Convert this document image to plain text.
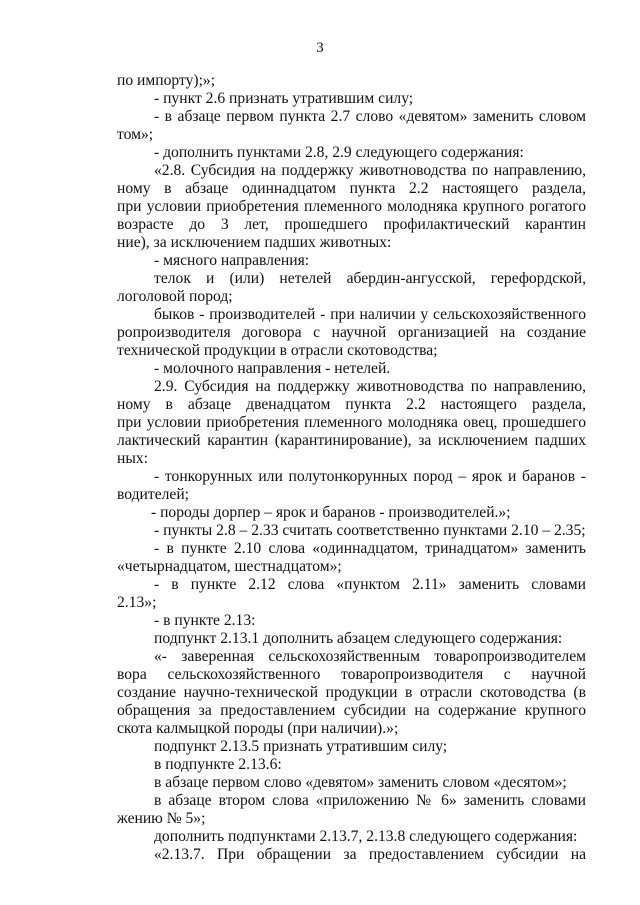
3
по импорту);»;
- пункт 2.6 признать утратившим силу;
- в абзаце первом пункта 2.7 слово «девятом» заменить словом
том»;
- дополнить пунктами 2.8, 2.9 следующего содержания:
«2.8. Субсидия на поддержку животноводства по направлению,
ному в абзаце одиннадцатом пункта 2.2 настоящего раздела,
при условии приобретения племенного молодняка крупного рогатого
возрасте до 3 лет, прошедшего профилактический карантин
ние), за исключением падших животных:
- мясного направления:
телок и (или) нетелей абердин-ангусской, герефордской,
логоловой пород;
быков - производителей - при наличии у сельскохозяйственного
ропроизводителя договора с научной организацией на создание
технической продукции в отрасли скотоводства;
- молочного направления - нетелей.
2.9. Субсидия на поддержку животноводства по направлению,
ному в абзаце двенадцатом пункта 2.2 настоящего раздела,
при условии приобретения племенного молодняка овец, прошедшего
лактический карантин (карантинирование), за исключением падших
ных:
- тонкорунных или полутонкорунных пород – ярок и баранов -
водителей;
- породы дорпер – ярок и баранов - производителей.»;
- пункты 2.8 – 2.33 считать соответственно пунктами 2.10 – 2.35;
- в пункте 2.10 слова «одиннадцатом, тринадцатом» заменить
«четырнадцатом, шестнадцатом»;
- в пункте 2.12 слова «пунктом 2.11» заменить словами
2.13»;
- в пункте 2.13:
подпункт 2.13.1 дополнить абзацем следующего содержания:
«- заверенная сельскохозяйственным товаропроизводителем
вора сельскохозяйственного товаропроизводителя с научной
создание научно-технической продукции в отрасли скотоводства (в
обращения за предоставлением субсидии на содержание крупного
скота калмыцкой породы (при наличии).»;
подпункт 2.13.5 признать утратившим силу;
в подпункте 2.13.6:
в абзаце первом слово «девятом» заменить словом «десятом»;
в абзаце втором слова «приложению № 6» заменить словами
жению № 5»;
дополнить подпунктами 2.13.7, 2.13.8 следующего содержания:
«2.13.7. При обращении за предоставлением субсидии на
